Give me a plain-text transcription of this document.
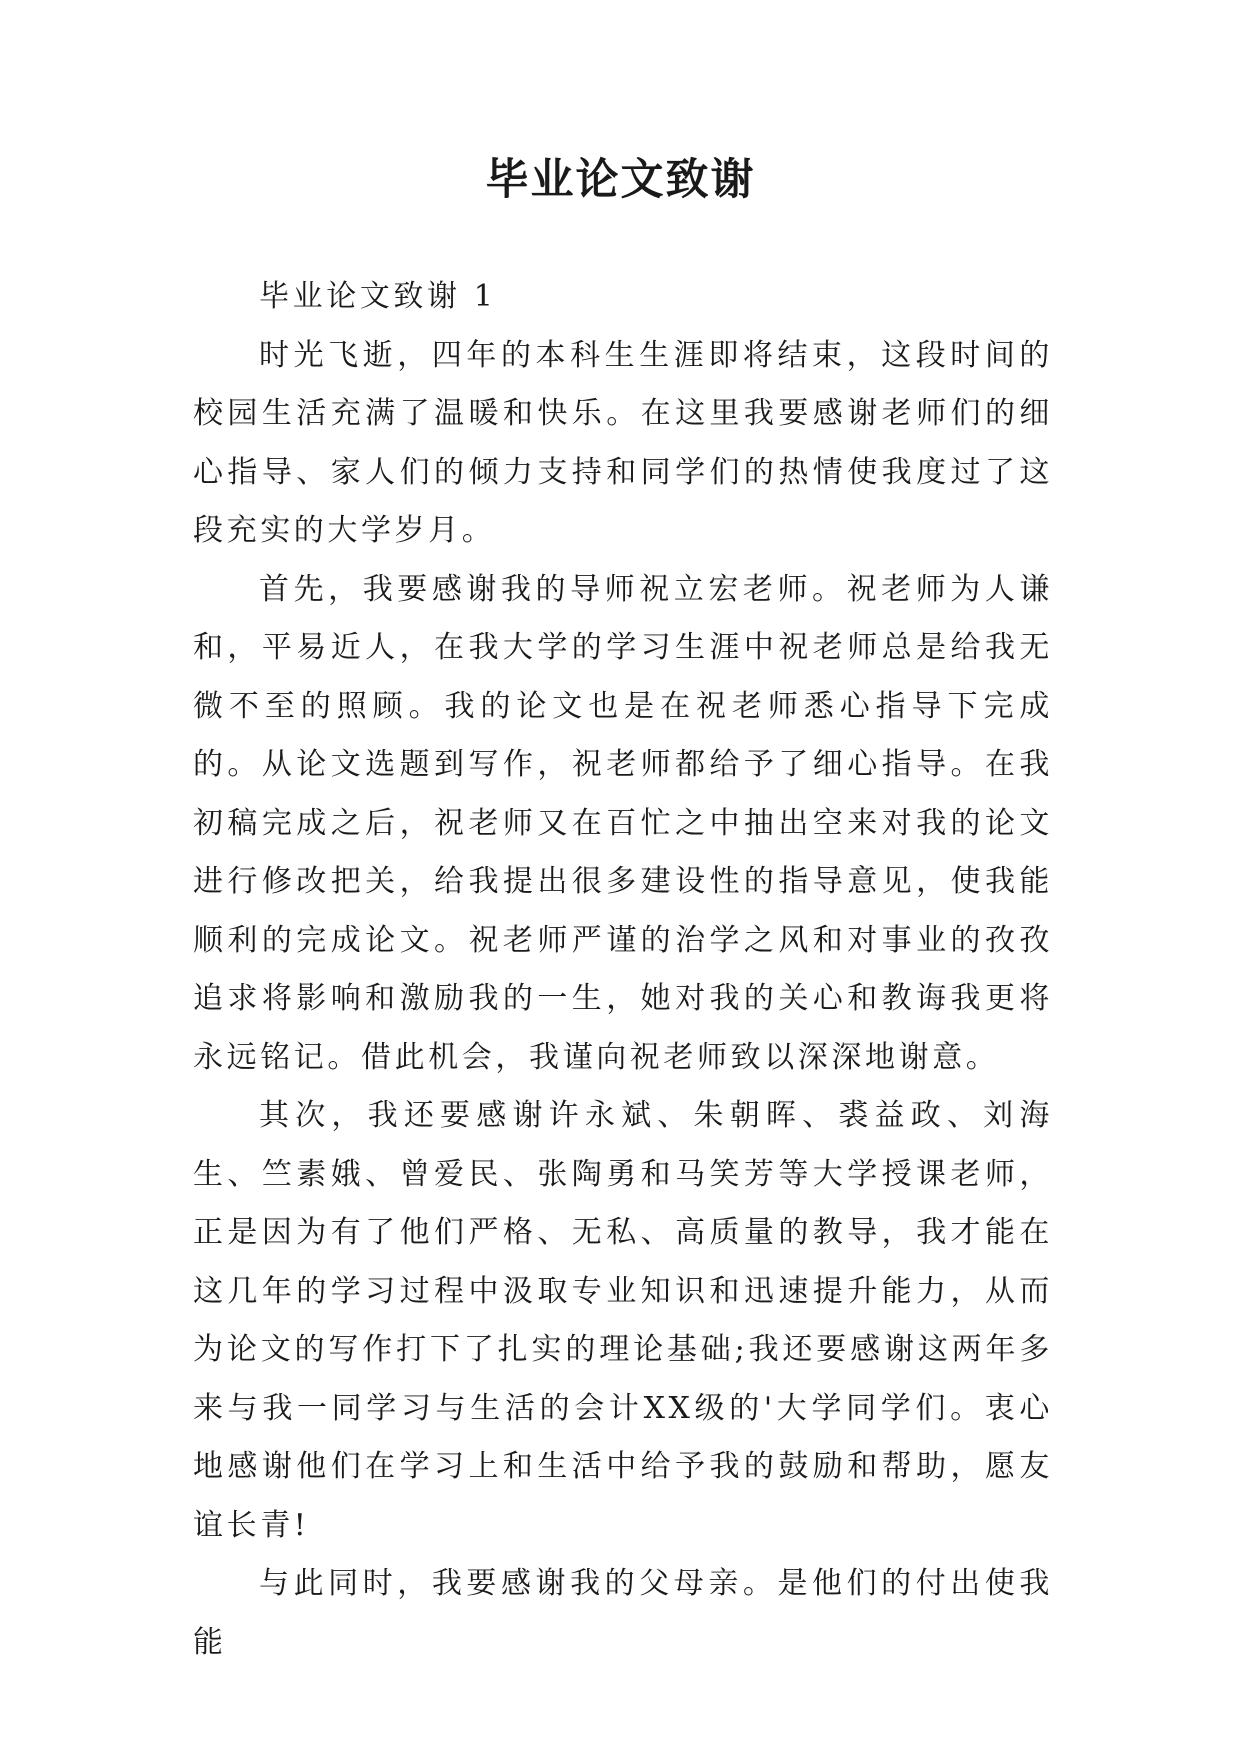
毕业论文致谢

毕业论文致谢 1

时光飞逝，四年的本科生生涯即将结束，这段时间的校园生活充满了温暖和快乐。在这里我要感谢老师们的细心指导、家人们的倾力支持和同学们的热情使我度过了这段充实的大学岁月。

首先，我要感谢我的导师祝立宏老师。祝老师为人谦和，平易近人，在我大学的学习生涯中祝老师总是给我无微不至的照顾。我的论文也是在祝老师悉心指导下完成的。从论文选题到写作，祝老师都给予了细心指导。在我初稿完成之后，祝老师又在百忙之中抽出空来对我的论文进行修改把关，给我提出很多建设性的指导意见，使我能顺利的完成论文。祝老师严谨的治学之风和对事业的孜孜追求将影响和激励我的一生，她对我的关心和教诲我更将永远铭记。借此机会，我谨向祝老师致以深深地谢意。

其次，我还要感谢许永斌、朱朝晖、裘益政、刘海生、竺素娥、曾爱民、张陶勇和马笑芳等大学授课老师，正是因为有了他们严格、无私、高质量的教导，我才能在这几年的学习过程中汲取专业知识和迅速提升能力，从而为论文的写作打下了扎实的理论基础;我还要感谢这两年多来与我一同学习与生活的会计XX级的'大学同学们。衷心地感谢他们在学习上和生活中给予我的鼓励和帮助，愿友谊长青!

与此同时，我要感谢我的父母亲。是他们的付出使我能
